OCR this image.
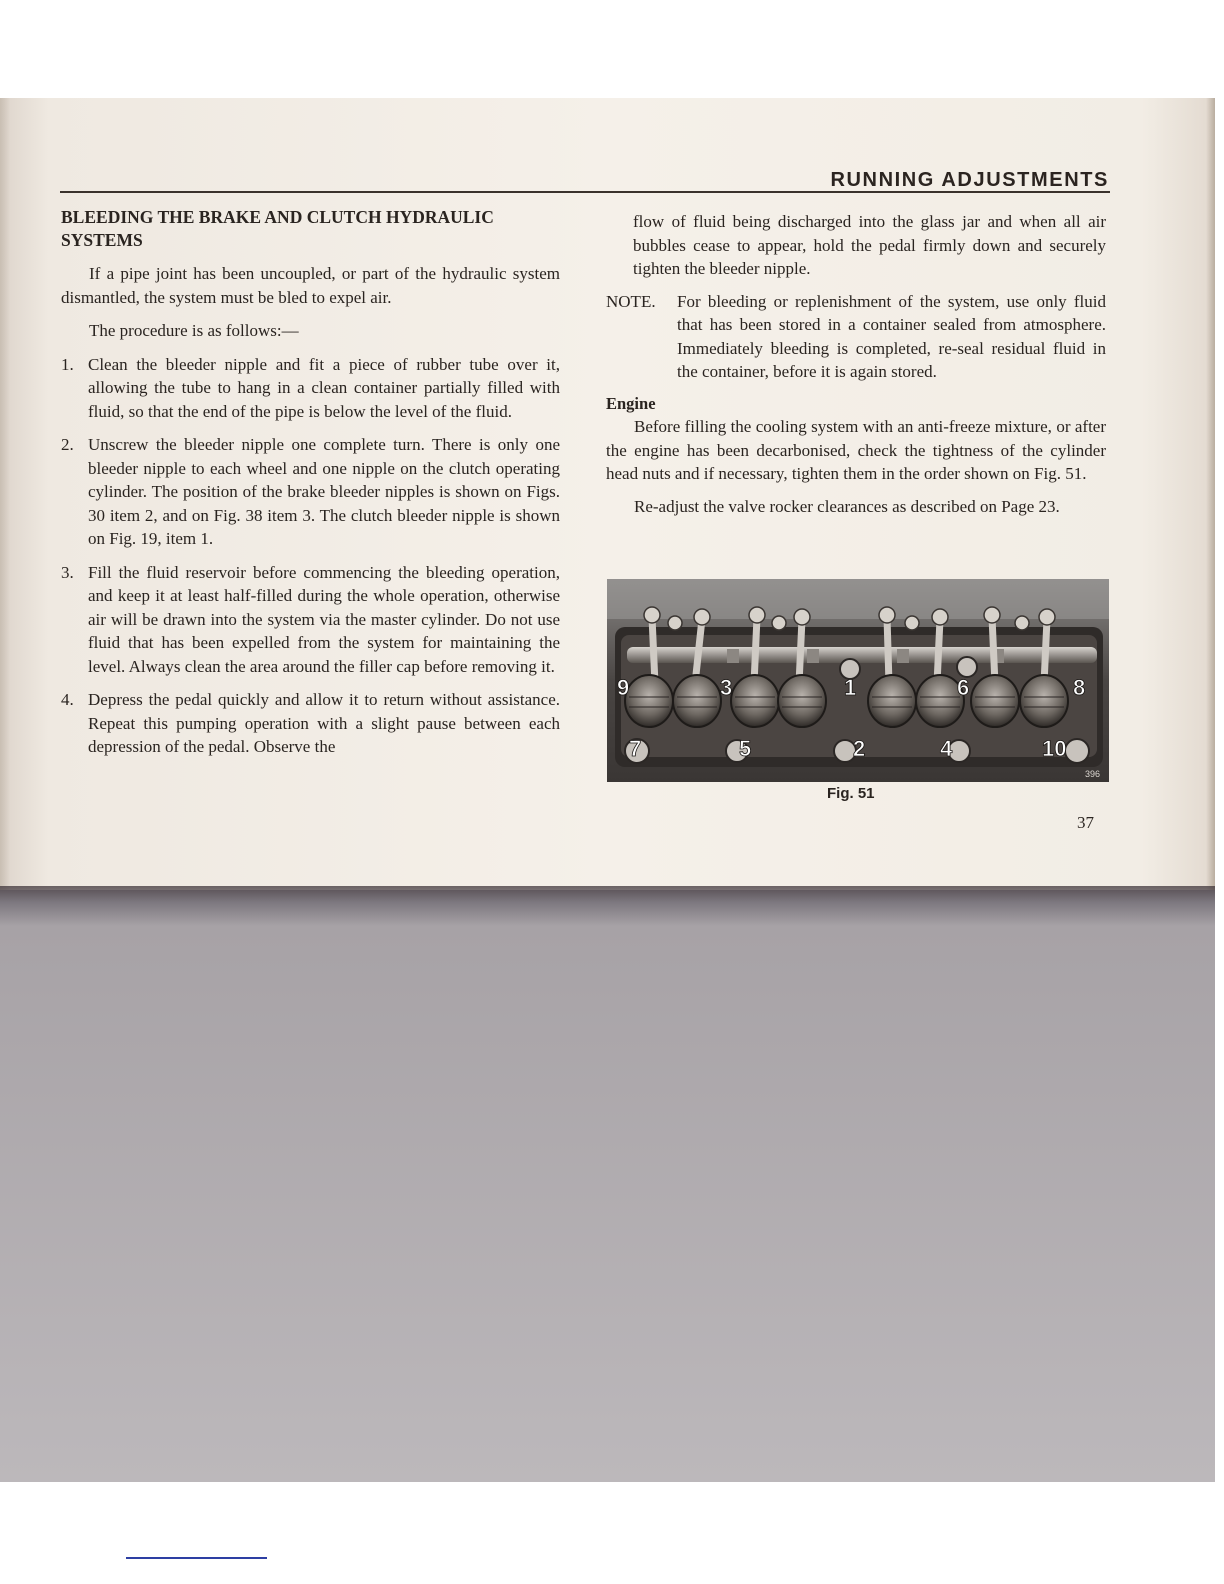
RUNNING ADJUSTMENTS
BLEEDING THE BRAKE AND CLUTCH HYDRAULIC SYSTEMS

If a pipe joint has been uncoupled, or part of the hydraulic system dismantled, the system must be bled to expel air.

The procedure is as follows:—

1. Clean the bleeder nipple and fit a piece of rubber tube over it, allowing the tube to hang in a clean container partially filled with fluid, so that the end of the pipe is below the level of the fluid.
2. Unscrew the bleeder nipple one complete turn. There is only one bleeder nipple to each wheel and one nipple on the clutch operating cylinder. The position of the brake bleeder nipples is shown on Figs. 30 item 2, and on Fig. 38 item 3. The clutch bleeder nipple is shown on Fig. 19, item 1.
3. Fill the fluid reservoir before commencing the bleeding operation, and keep it at least half-filled during the whole operation, otherwise air will be drawn into the system via the master cylinder. Do not use fluid that has been expelled from the system for maintaining the level. Always clean the area around the filler cap before removing it.
4. Depress the pedal quickly and allow it to return without assistance. Repeat this pumping operation with a slight pause between each depression of the pedal. Observe the

flow of fluid being discharged into the glass jar and when all air bubbles cease to appear, hold the pedal firmly down and securely tighten the bleeder nipple.

NOTE. For bleeding or replenishment of the system, use only fluid that has been stored in a container sealed from atmosphere. Immediately bleeding is completed, re-seal residual fluid in the container, before it is again stored.
Engine

Before filling the cooling system with an anti-freeze mixture, or after the engine has been decarbonised, check the tightness of the cylinder head nuts and if necessary, tighten them in the order shown on Fig. 51.

Re-adjust the valve rocker clearances as described on Page 23.

9	3	1	6	8
7	5	2	4	10
396
Fig. 51
37
